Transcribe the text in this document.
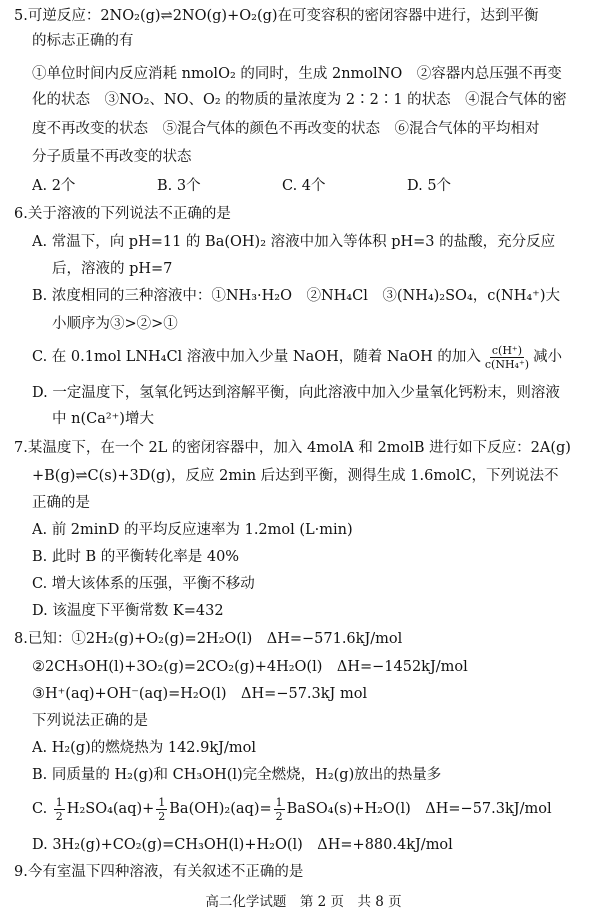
5.可逆反应：2NO₂(g)⇌2NO(g)+O₂(g)在可变容积的密闭容器中进行，达到平衡
的标志正确的有
①单位时间内反应消耗 nmolO₂ 的同时，生成 2nmolNO　②容器内总压强不再变
化的状态　③NO₂、NO、O₂ 的物质的量浓度为 2∶2∶1 的状态　④混合气体的密
度不再改变的状态　⑤混合气体的颜色不再改变的状态　⑥混合气体的平均相对
分子质量不再改变的状态
A. 2个	B. 3个	C. 4个	D. 5个
6.关于溶液的下列说法不正确的是
A. 常温下，向 pH=11 的 Ba(OH)₂ 溶液中加入等体积 pH=3 的盐酸，充分反应
后，溶液的 pH=7
B. 浓度相同的三种溶液中：①NH₃·H₂O　②NH₄Cl　③(NH₄)₂SO₄，c(NH₄⁺)大
小顺序为③>②>①
C. 在 0.1mol LNH₄Cl 溶液中加入少量 NaOH，随着 NaOH 的加入 $\frac{c(H^+)}{\text{c(NH₄⁺)}}$ 减小
D. 一定温度下，氢氧化钙达到溶解平衡，向此溶液中加入少量氧化钙粉末，则溶液
中 n(Ca²⁺)增大
7.某温度下，在一个 2L 的密闭容器中，加入 4molA 和 2molB 进行如下反应：2A(g)
+B(g)⇌C(s)+3D(g)，反应 2min 后达到平衡，测得生成 1.6molC，下列说法不
正确的是
A. 前 2minD 的平均反应速率为 1.2mol (L·min)
B. 此时 B 的平衡转化率是 40%
C. 增大该体系的压强，平衡不移动
D. 该温度下平衡常数 K=432
8.已知：①2H₂(g)+O₂(g)=2H₂O(l)　ΔH=−571.6kJ/mol
②2CH₃OH(l)+3O₂(g)=2CO₂(g)+4H₂O(l)　ΔH=−1452kJ/mol
③H⁺(aq)+OH⁻(aq)=H₂O(l)　ΔH=−57.3kJ mol
下列说法正确的是
A. H₂(g)的燃烧热为 142.9kJ/mol
B. 同质量的 H₂(g)和 CH₃OH(l)完全燃烧，H₂(g)放出的热量多
C. $\frac{1}{2} H_2SO_4(aq)+ \frac{1}{2} Ba(OH)_2(aq)= \frac{1}{2}$ BaSO₄(s)+H₂O(l)　ΔH=−57.3kJ/mol
D. 3H₂(g)+CO₂(g)=CH₃OH(l)+H₂O(l)　ΔH=+880.4kJ/mol
9.今有室温下四种溶液，有关叙述不正确的是
高二化学试题　第 2 页　共 8 页
